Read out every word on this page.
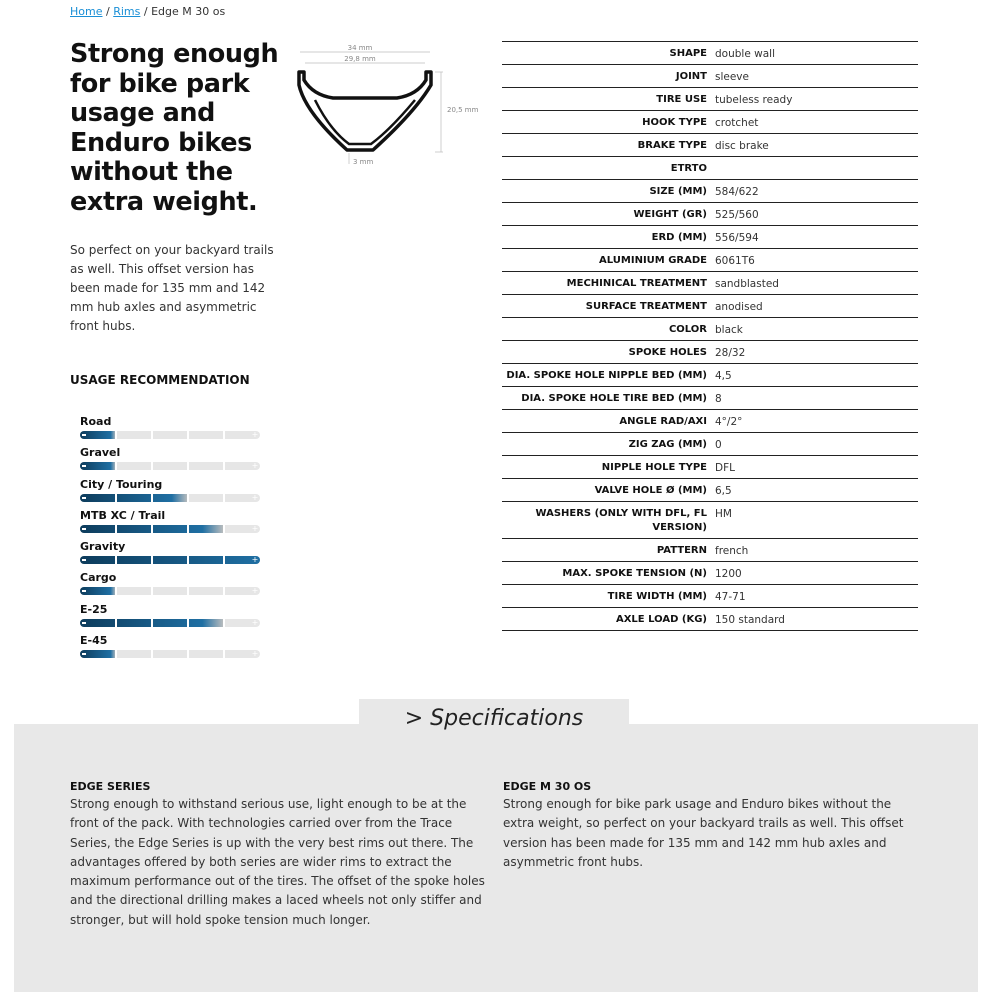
Home / Rims / Edge M 30 os
Strong enough for bike park usage and Enduro bikes without the extra weight.
34 mm
29,8 mm
20,5 mm
3 mm

So perfect on your backyard trails as well. This offset version has been made for 135 mm and 142 mm hub axles and asymmetric front hubs.

USAGE RECOMMENDATION
Road
+
Gravel
+
City / Touring
+
MTB XC / Trail
+
Gravity
+
Cargo
+
E-25
+
E-45
+
SHAPE double wall
JOINT sleeve
TIRE USE tubeless ready
HOOK TYPE crotchet
BRAKE TYPE disc brake
ETRTO
SIZE (MM) 584/622
WEIGHT (GR) 525/560
ERD (MM) 556/594
ALUMINIUM GRADE 6061T6
MECHINICAL TREATMENT sandblasted
SURFACE TREATMENT anodised
COLOR black
SPOKE HOLES 28/32
DIA. SPOKE HOLE NIPPLE BED (MM) 4,5
DIA. SPOKE HOLE TIRE BED (MM) 8
ANGLE RAD/AXI 4°/2°
ZIG ZAG (MM) 0
NIPPLE HOLE TYPE DFL
VALVE HOLE Ø (MM) 6,5
WASHERS (ONLY WITH DFL, FL VERSION)
HM
PATTERN french
MAX. SPOKE TENSION (N) 1200
TIRE WIDTH (MM) 47-71
AXLE LOAD (KG) 150 standard
> Specifications
EDGE SERIES

Strong enough to withstand serious use, light enough to be at the front of the pack. With technologies carried over from the Trace Series, the Edge Series is up with the very best rims out there. The advantages offered by both series are wider rims to extract the maximum performance out of the tires. The offset of the spoke holes and the directional drilling makes a laced wheels not only stiffer and stronger, but will hold spoke tension much longer.

EDGE M 30 OS

Strong enough for bike park usage and Enduro bikes without the extra weight, so perfect on your backyard trails as well. This offset version has been made for 135 mm and 142 mm hub axles and asymmetric front hubs.
